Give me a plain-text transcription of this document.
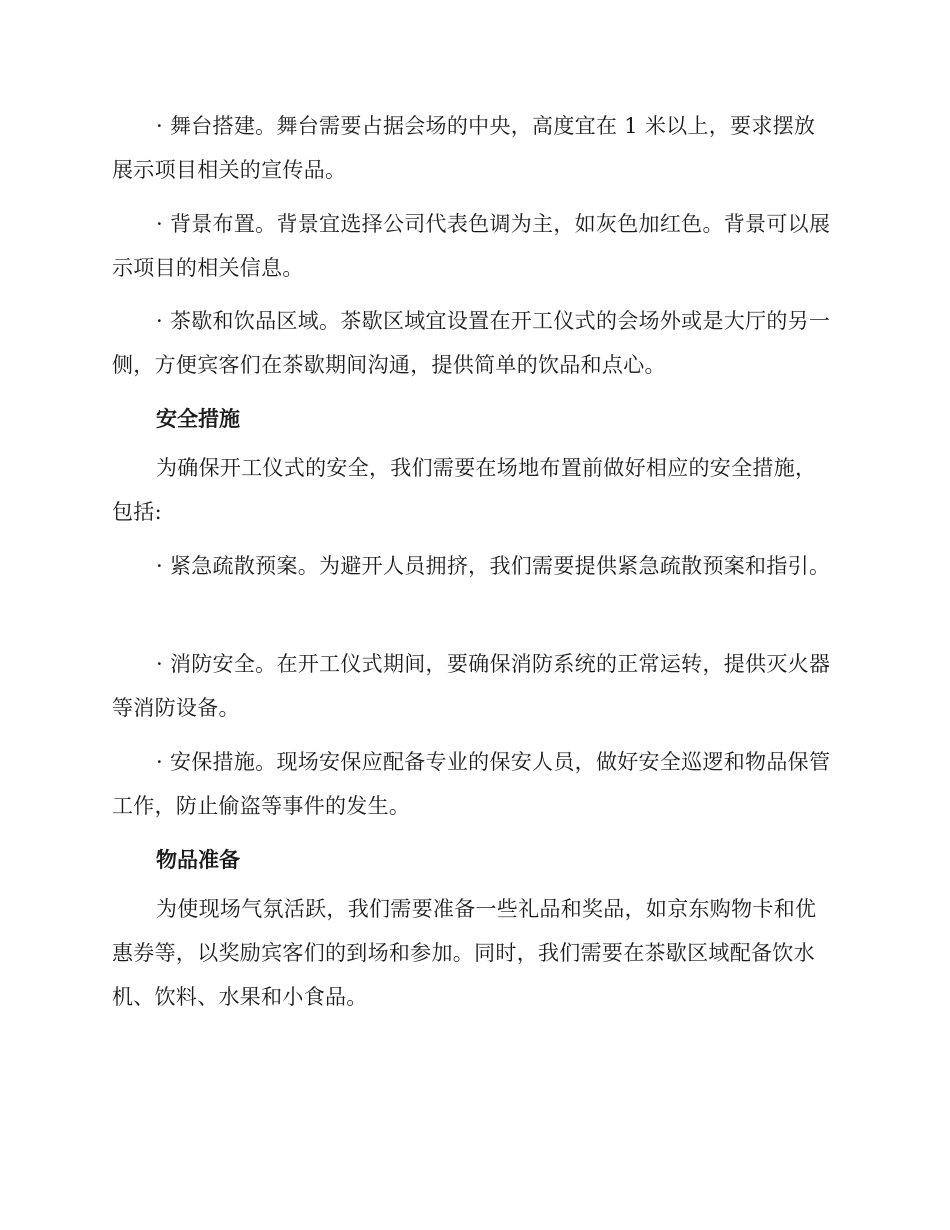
· 舞台搭建。舞台需要占据会场的中央，高度宜在 1 米以上，要求摆放展示项目相关的宣传品。

· 背景布置。背景宜选择公司代表色调为主，如灰色加红色。背景可以展示项目的相关信息。

· 茶歇和饮品区域。茶歇区域宜设置在开工仪式的会场外或是大厅的另一侧，方便宾客们在茶歇期间沟通，提供简单的饮品和点心。

安全措施

为确保开工仪式的安全，我们需要在场地布置前做好相应的安全措施，包括:

· 紧急疏散预案。为避开人员拥挤，我们需要提供紧急疏散预案和指引。

· 消防安全。在开工仪式期间，要确保消防系统的正常运转，提供灭火器等消防设备。

· 安保措施。现场安保应配备专业的保安人员，做好安全巡逻和物品保管工作，防止偷盗等事件的发生。

物品准备

为使现场气氛活跃，我们需要准备一些礼品和奖品，如京东购物卡和优惠券等，以奖励宾客们的到场和参加。同时，我们需要在茶歇区域配备饮水机、饮料、水果和小食品。
